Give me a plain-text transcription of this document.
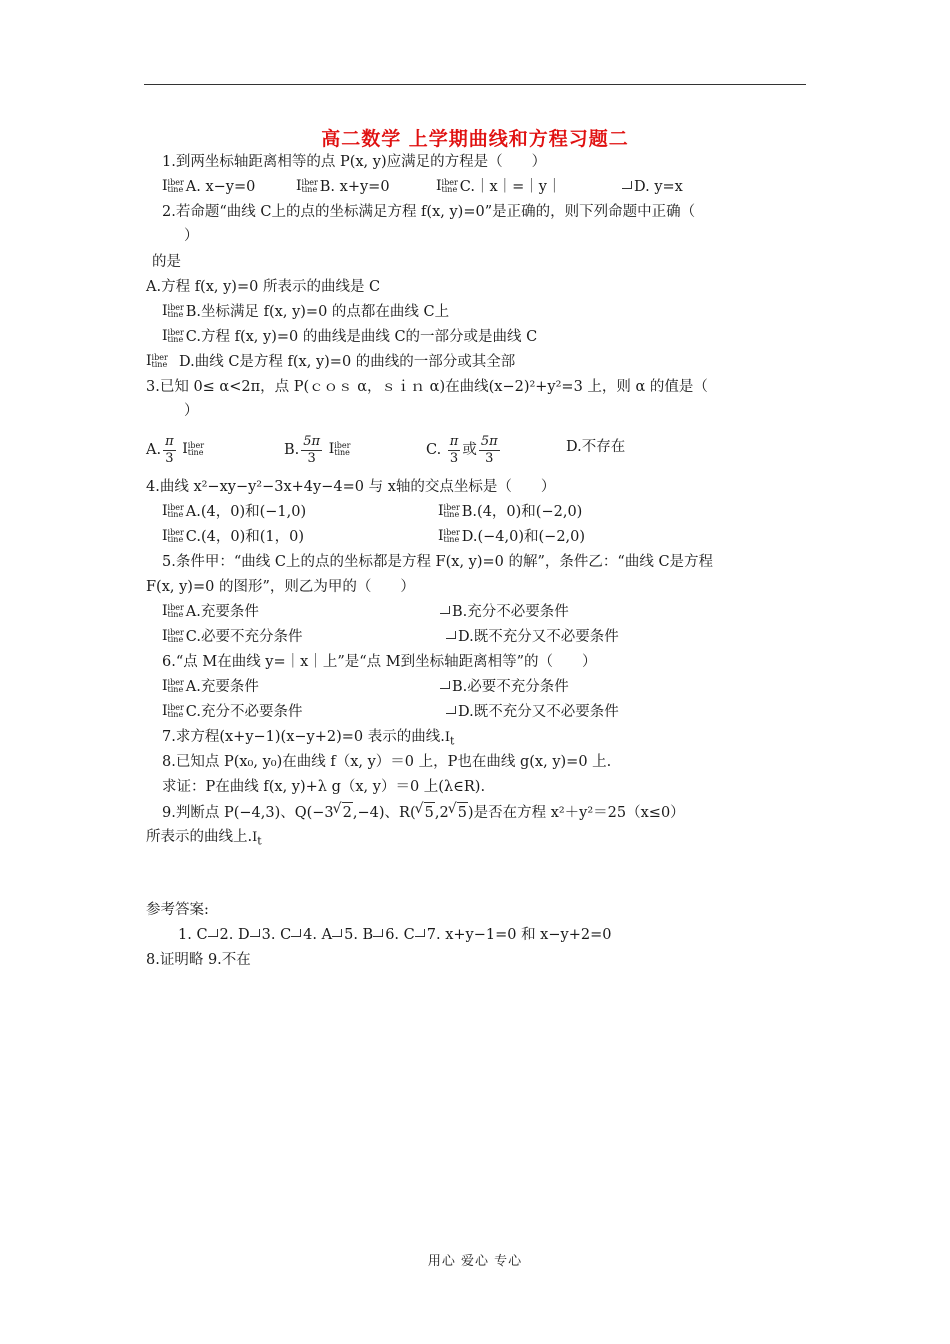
高二数学 上学期曲线和方程习题二
1.到两坐标轴距离相等的点 P(x, y)应满足的方程是（　　）
Iiber
tine A. x−y=0	Iiber
tine B. x+y=0	Iiber
tine C.｜x｜=｜y｜	D. y=x
2.若命题“曲线 C上的点的坐标满足方程 f(x, y)=0”是正确的，则下列命题中正确（
）
的是
A.方程 f(x, y)=0 所表示的曲线是 C
Iiber
tine B.坐标满足 f(x, y)=0 的点都在曲线 C上
Iiber
tine C.方程 f(x, y)=0 的曲线是曲线 C的一部分或是曲线 C
Iiber
tine D.曲线 C是方程 f(x, y)=0 的曲线的一部分或其全部
3.已知 0≤ α<2π，点 P(ｃｏｓ α，ｓｉｎ α)在曲线(x−2)²+y²=3 上，则 α 的值是（
）
A. $\frac{\pi}{3}$ Iiber
tine	B. $\frac{5\pi}{3}$ Iiber
tine	C. $\frac{\pi}{3}$ 或 $\frac{5\pi}{3}$	D.不存在
4.曲线 x²−xy−y²−3x+4y−4=0 与 x轴的交点坐标是（　　）
Iiber
tine A.(4，0)和(−1,0)	Iiber
tine B.(4，0)和(−2,0)
Iiber
tine C.(4，0)和(1，0)	Iiber
tine D.(−4,0)和(−2,0)
5.条件甲：“曲线 C上的点的坐标都是方程 F(x, y)=0 的解”，条件乙：“曲线 C是方程
F(x, y)=0 的图形”，则乙为甲的（　　）
Iiber
tine A.充要条件	B.充分不必要条件
Iiber
tine C.必要不充分条件	D.既不充分又不必要条件
6.“点 M在曲线 y=｜x｜上”是“点 M到坐标轴距离相等”的（　　）
Iiber
tine A.充要条件	B.必要不充分条件
Iiber
tine C.充分不必要条件	D.既不充分又不必要条件
7.求方程(x+y−1)(x−y+2)=0 表示的曲线$.I_t$
8.已知点 P(x₀, y₀)在曲线 f（x, y）＝0 上，P也在曲线 g(x, y)=0 上.
求证：P在曲线 f(x, y)+λ g（x, y）＝0 上(λ∈R).
9.判断点 P(−4,3)、Q(−3 √ 2,−4)、R( √ 5,2 √ 5)是否在方程 x²＋y²＝25（x≤0）
所表示的曲线上$.I_t$
参考答案:
1. C 2. D 3. C 4. A 5. B 6. C 7. x+y−1=0 和 x−y+2=0
8.证明略 9.不在
用心 爱心 专心
